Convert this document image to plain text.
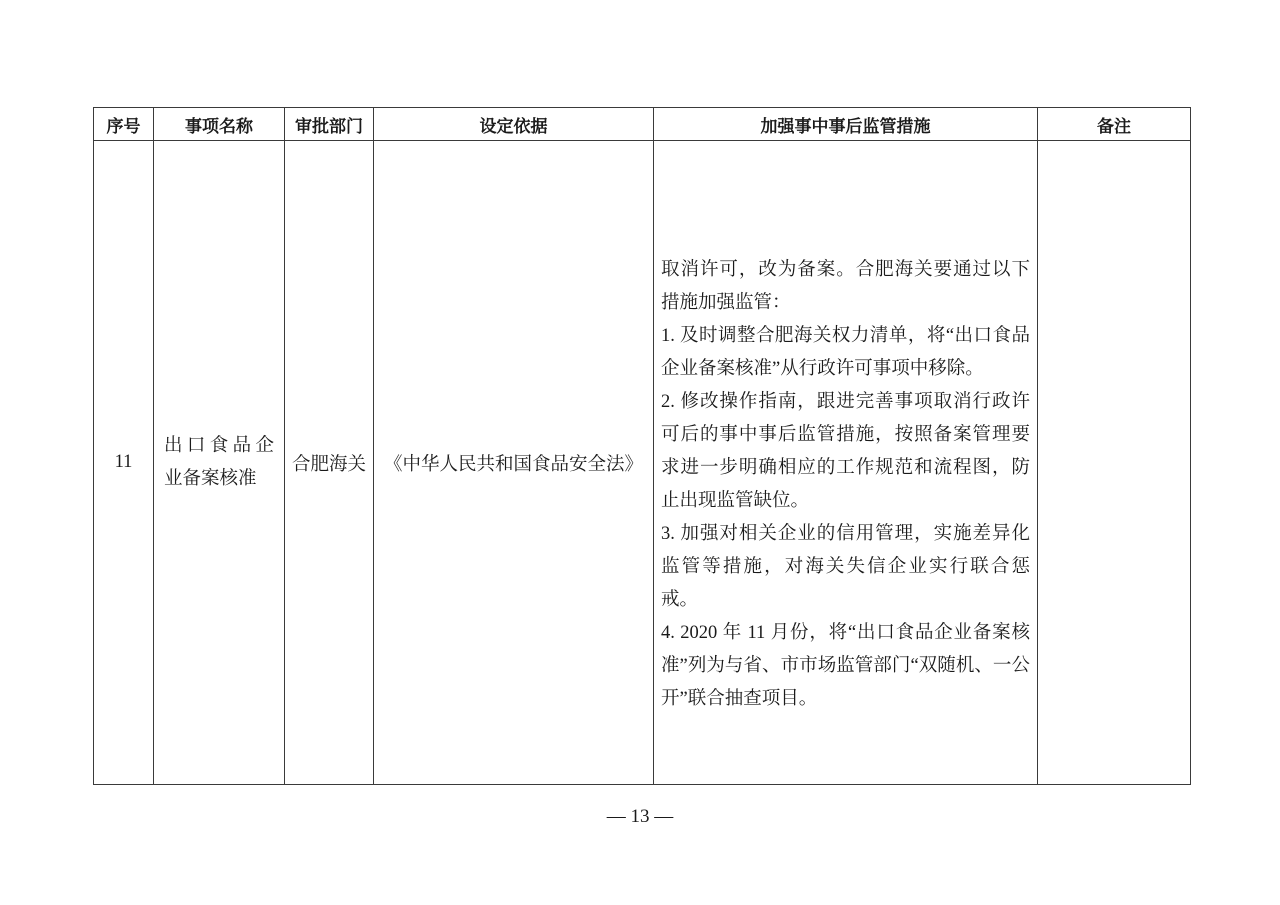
序号	事项名称	审批部门	设定依据	加强事中事后监管措施	备注
11	出口食品企业备案核准	合肥海关	《中华人民共和国食品安全法》	取消许可，改为备案。合肥海关要通过以下措施加强监管：

1. 及时调整合肥海关权力清单，将“出口食品企业备案核准”从行政许可事项中移除。

2. 修改操作指南，跟进完善事项取消行政许可后的事中事后监管措施，按照备案管理要求进一步明确相应的工作规范和流程图，防止出现监管缺位。

3. 加强对相关企业的信用管理，实施差异化监管等措施，对海关失信企业实行联合惩戒。

4. 2020 年 11 月份，将“出口食品企业备案核准”列为与省、市市场监管部门“双随机、一公开”联合抽查项目。	

— 13 —
